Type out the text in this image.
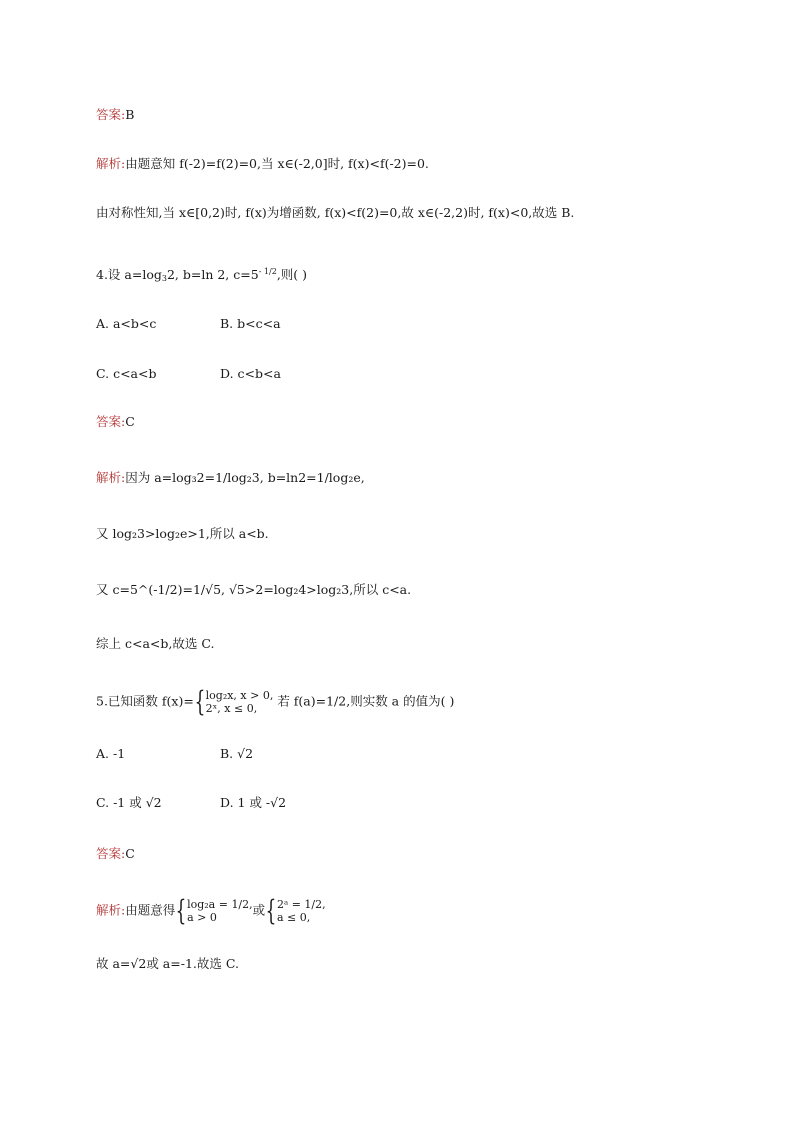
答案:B
解析:由题意知 f(-2)=f(2)=0,当 x∈(-2,0]时, f(x)<f(-2)=0.
由对称性知,当 x∈[0,2)时, f(x)为增函数, f(x)<f(2)=0,故 x∈(-2,2)时, f(x)<0,故选 B.
4.设 $a=\log_32$, b=ln 2, $c=5^{- 1/2}$,则( )
A. a<b<c	B. b<c<a
C. c<a<b	D. c<b<a
答案:C
解析:因为 a=log₃2=1/log₂3, b=ln2=1/log₂e,
又 log₂3>log₂e>1,所以 a<b.
又 c=5^(-1/2)=1/√5, √5>2=log₂4>log₂3,所以 c<a.
综上 c<a<b,故选 C.
5.已知函数 f(x)={ log₂x, x > 0,
2ˣ, x ≤ 0,	若 f(a)=1/2,则实数 a 的值为( )
A. -1	B. √2
C. -1 或 √2	D. 1 或 -√2
答案:C
解析:由题意得{ log₂a = 1/2,
a > 0	或{ 2ᵃ = 1/2,
a ≤ 0,
故 a=√2或 a=-1.故选 C.
